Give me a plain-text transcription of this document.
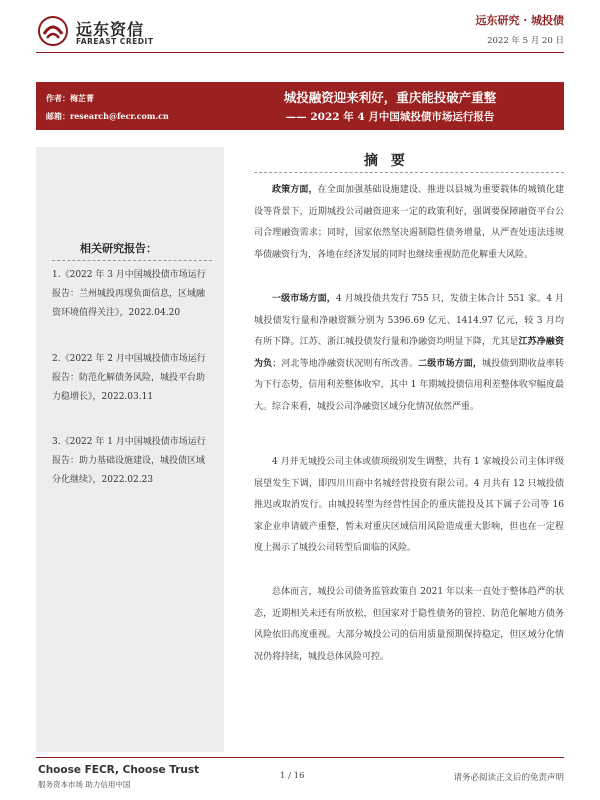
远东资信
FAREAST CREDIT
远东研究 · 城投债
2022 年 5 月 20 日
作者：梅芷菁
邮箱：research@fecr.com.cn
城投融资迎来利好，重庆能投破产重整
—— 2022 年 4 月中国城投债市场运行报告
相关研究报告：
1.《2022 年 3 月中国城投债市场运行报告：兰州城投再现负面信息，区域融资环境值得关注》，2022.04.20
2.《2022 年 2 月中国城投债市场运行报告：防范化解债务风险，城投平台助力稳增长》，2022.03.11
3.《2022 年 1 月中国城投债市场运行报告：助力基础设施建设，城投债区域分化继续》，2022.02.23
摘 要
政策方面，在全面加强基础设施建设、推进以县城为重要载体的城镇化建设等背景下，近期城投公司融资迎来一定的政策利好，强调要保障融资平台公司合理融资需求；同时，国家依然坚决遏制隐性债务增量，从严查处违法违规举债融资行为，各地在经济发展的同时也继续重视防范化解重大风险。
一级市场方面，4 月城投债共发行 755 只，发债主体合计 551 家。4 月城投债发行量和净融资额分别为 5396.69 亿元、1414.97 亿元，较 3 月均有所下降。江苏、浙江城投债发行量和净融资均明显下降，尤其是江苏净融资为负；河北等地净融资状况则有所改善。二级市场方面，城投债到期收益率转为下行态势，信用利差整体收窄，其中 1 年期城投债信用利差整体收窄幅度最大。综合来看，城投公司净融资区域分化情况依然严重。
4 月并无城投公司主体或债项级别发生调整，共有 1 家城投公司主体评级展望发生下调，即四川川商中名城经营投资有限公司。4 月共有 12 只城投债推迟或取消发行。由城投转型为经营性国企的重庆能投及其下属子公司等 16 家企业申请破产重整，暂未对重庆区域信用风险造成重大影响，但也在一定程度上揭示了城投公司转型后面临的风险。
总体而言，城投公司债务监管政策自 2021 年以来一直处于整体趋严的状态，近期相关未还有所放松，但国家对于隐性债务的管控、防范化解地方债务风险依旧高度重视。大部分城投公司的信用质量预期保持稳定，但区域分化情况仍将持续，城投总体风险可控。
Choose FECR, Choose Trust
服务资本市场 助力信用中国
1 / 16	请务必阅读正文后的免责声明
